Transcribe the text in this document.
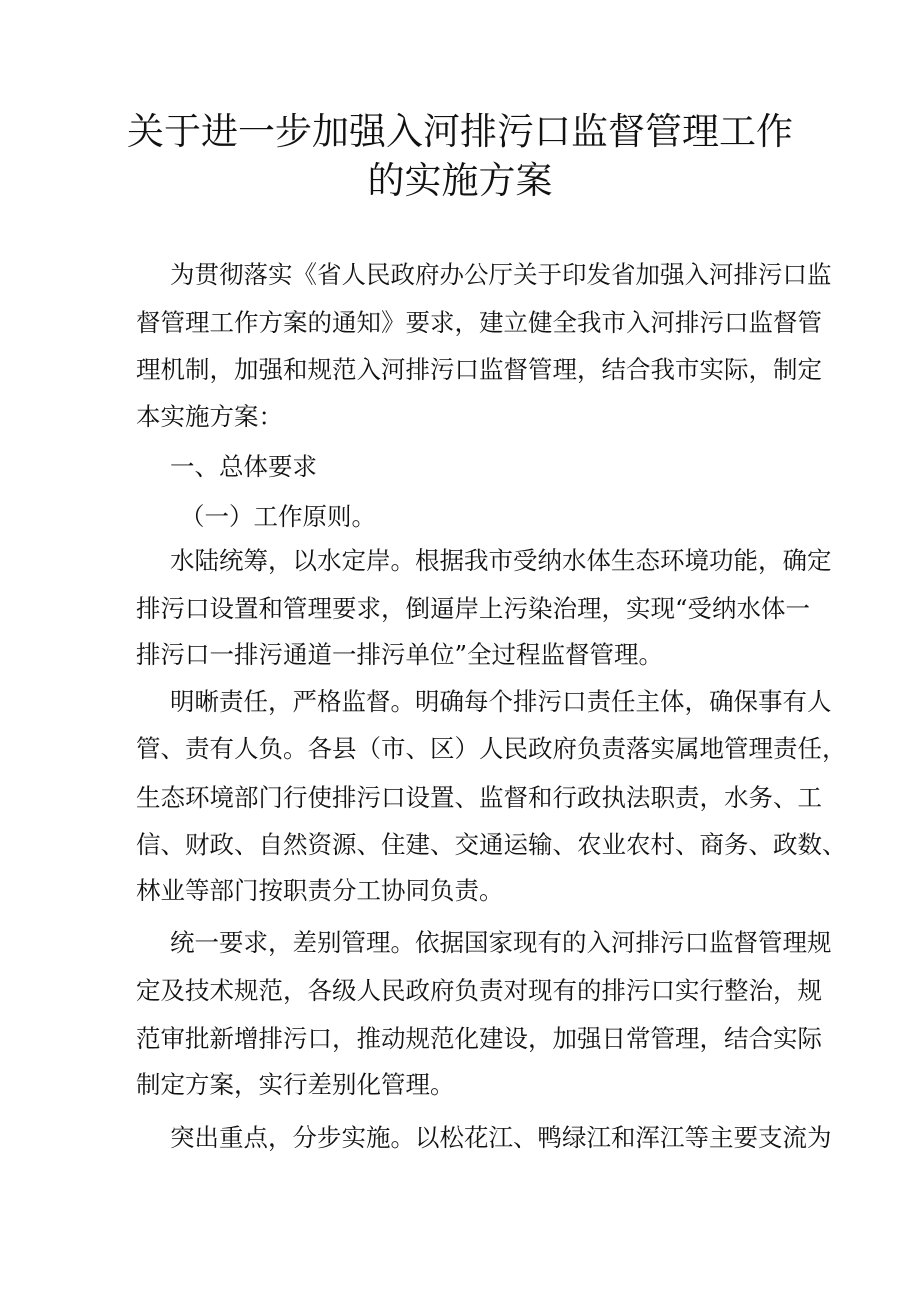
关于进一步加强入河排污口监督管理工作
的实施方案
为贯彻落实《省人民政府办公厅关于印发省加强入河排污口监
督管理工作方案的通知》要求，建立健全我市入河排污口监督管
理机制，加强和规范入河排污口监督管理，结合我市实际，制定
本实施方案：
一、总体要求
（一）工作原则。
水陆统筹，以水定岸。根据我市受纳水体生态环境功能，确定
排污口设置和管理要求，倒逼岸上污染治理，实现“受纳水体一
排污口一排污通道一排污单位”全过程监督管理。
明晰责任，严格监督。明确每个排污口责任主体，确保事有人
管、责有人负。各县（市、区）人民政府负责落实属地管理责任，
生态环境部门行使排污口设置、监督和行政执法职责，水务、工
信、财政、自然资源、住建、交通运输、农业农村、商务、政数、
林业等部门按职责分工协同负责。
统一要求，差别管理。依据国家现有的入河排污口监督管理规
定及技术规范，各级人民政府负责对现有的排污口实行整治，规
范审批新增排污口，推动规范化建设，加强日常管理，结合实际
制定方案，实行差别化管理。
突出重点，分步实施。以松花江、鸭绿江和浑江等主要支流为
